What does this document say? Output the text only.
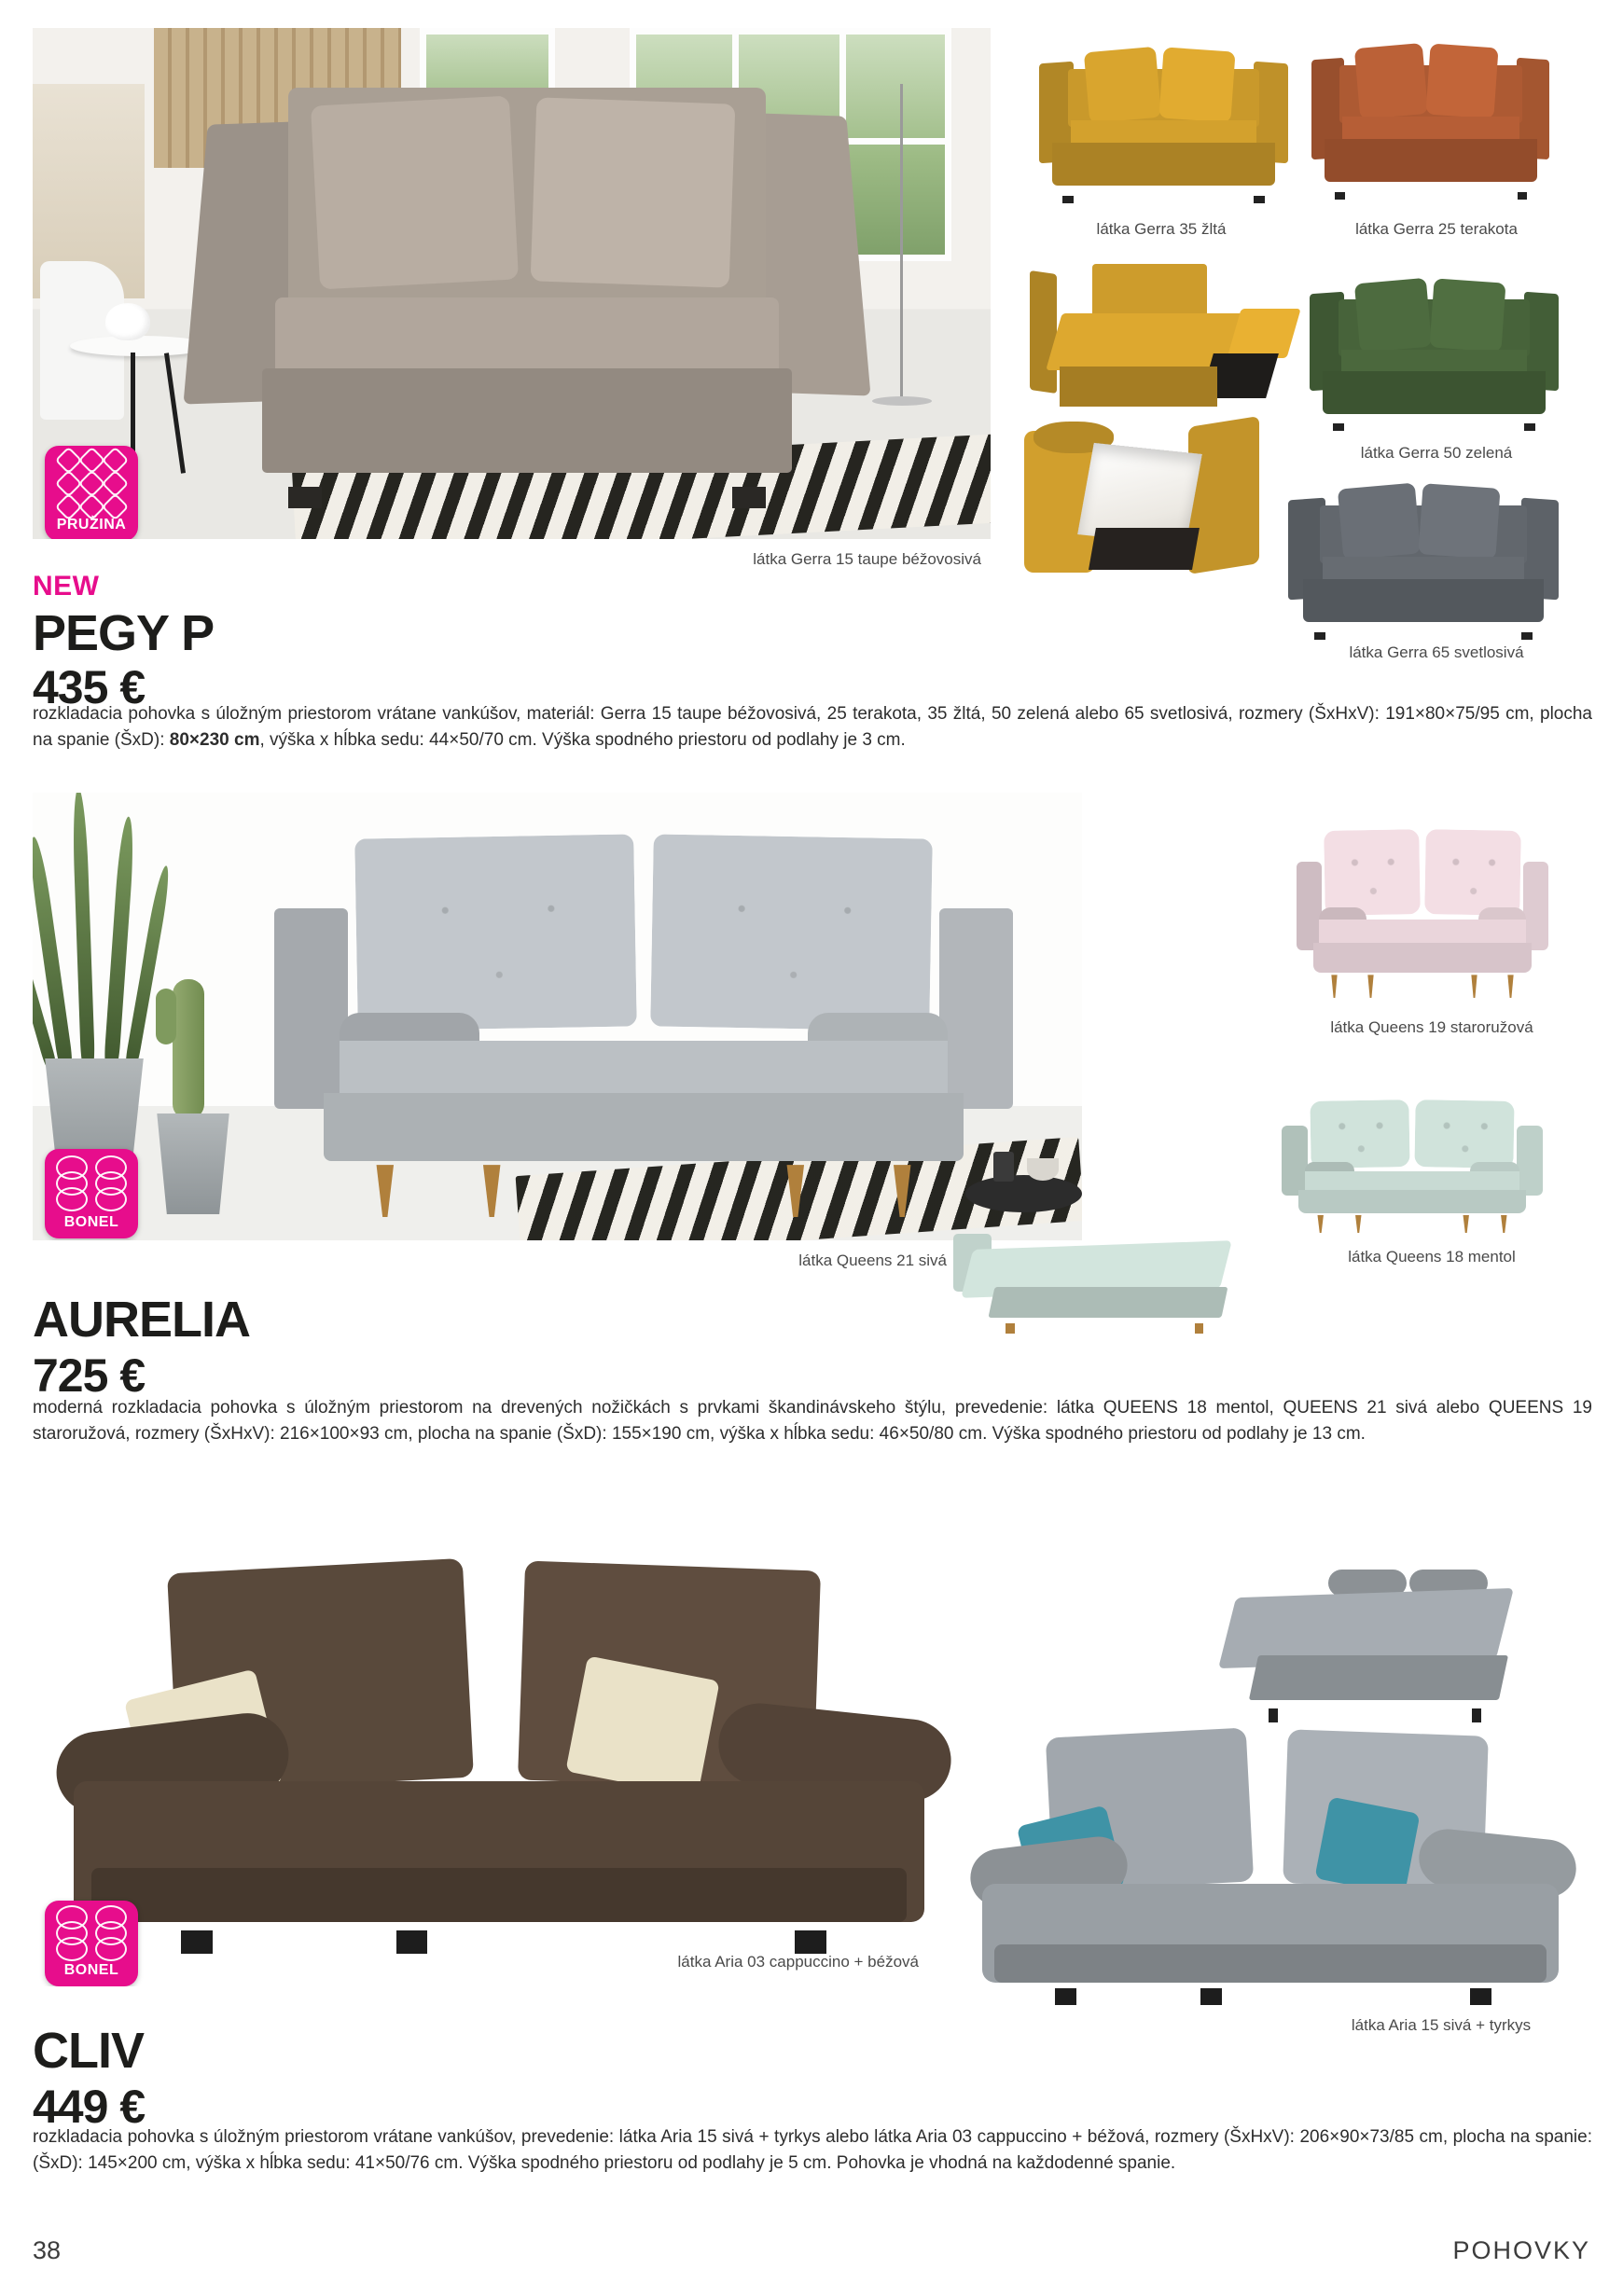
PRUŽINA
látka Gerra 15 taupe béžovosivá
látka Gerra 35 žltá	látka Gerra 25 terakota
látka Gerra 50 zelená
látka Gerra 65 svetlosivá
NEW
PEGY P
435 €

rozkladacia pohovka s úložným priestorom vrátane vankúšov, materiál: Gerra 15 taupe béžovosivá, 25 terakota, 35 žltá, 50 zelená alebo 65 svetlosivá, rozmery (ŠxHxV): 191×80×75/95 cm, plocha na spanie (ŠxD): 80×230 cm, výška x hĺbka sedu: 44×50/70 cm. Výška spodného priestoru od podlahy je 3 cm.

BONEL
látka Queens 21 sivá
látka Queens 19 staroružová
látka Queens 18 mentol
AURELIA
725 €

moderná rozkladacia pohovka s úložným priestorom na drevených nožičkách s prvkami škandinávskeho štýlu, prevedenie: látka QUEENS 18 mentol, QUEENS 21 sivá alebo QUEENS 19 staroružová, rozmery (ŠxHxV): 216×100×93 cm, plocha na spanie (ŠxD): 155×190 cm, výška x hĺbka sedu: 46×50/80 cm. Výška spodného priestoru od podlahy je 13 cm.

BONEL	látka Aria 03 cappuccino + béžová
látka Aria 15 sivá + tyrkys
CLIV
449 €

rozkladacia pohovka s úložným priestorom vrátane vankúšov, prevedenie: látka Aria 15 sivá + tyrkys alebo látka Aria 03 cappuccino + béžová, rozmery (ŠxHxV): 206×90×73/85 cm, plocha na spanie: (ŠxD): 145×200 cm, výška x hĺbka sedu: 41×50/76 cm. Výška spodného priestoru od podlahy je 5 cm. Pohovka je vhodná na každodenné spanie.

38	POHOVKY
